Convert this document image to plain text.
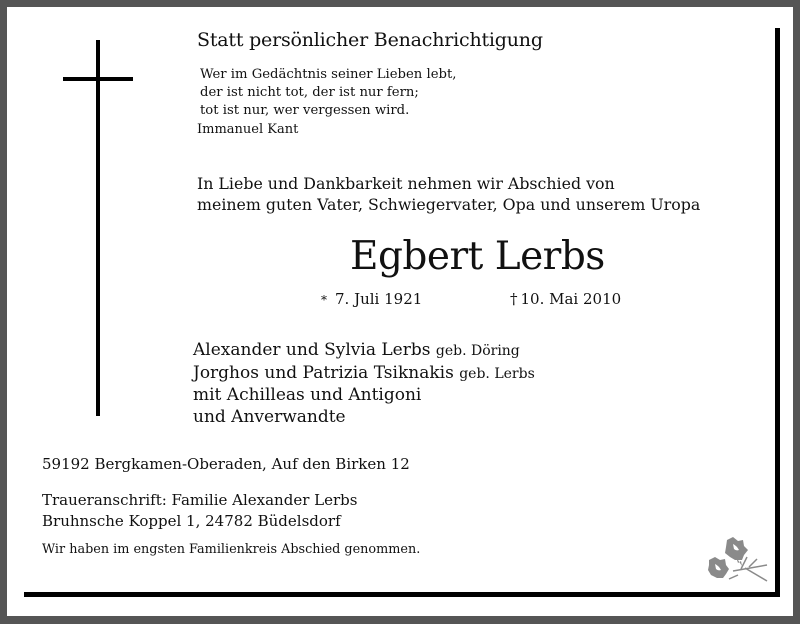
Statt persönlicher Benachrichtigung
Wer im Gedächtnis seiner Lieben lebt,
der ist nicht tot, der ist nur fern;
tot ist nur, wer vergessen wird.
Immanuel Kant
In Liebe und Dankbarkeit nehmen wir Abschied von
meinem guten Vater, Schwiegervater, Opa und unserem Uropa
Egbert Lerbs
* 7. Juli 1921	† 10. Mai 2010
Alexander und Sylvia Lerbs geb. Döring
Jorghos und Patrizia Tsiknakis geb. Lerbs
mit Achilleas und Antigoni
und Anverwandte
59192 Bergkamen-Oberaden, Auf den Birken 12
Traueranschrift: Familie Alexander Lerbs
Bruhnsche Koppel 1, 24782 Büdelsdorf
Wir haben im engsten Familienkreis Abschied genommen.
